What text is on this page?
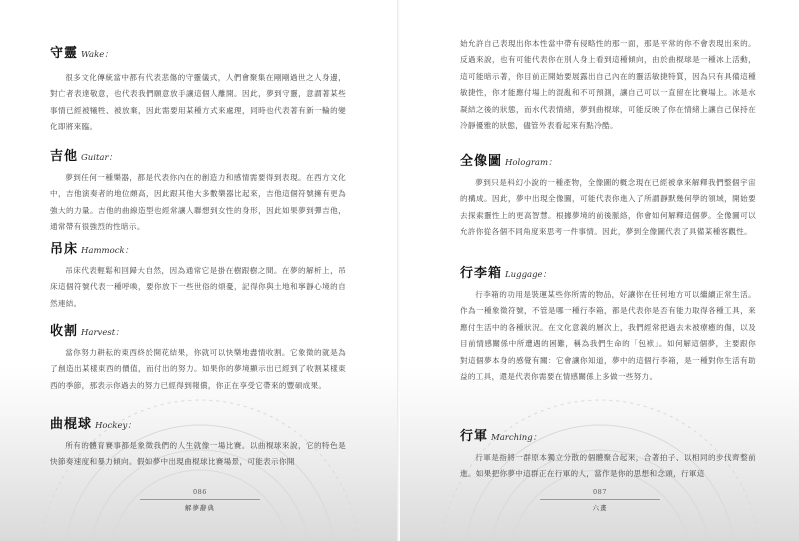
守靈 Wake：

很多文化傳統當中都有代表悲傷的守靈儀式，人們會聚集在剛剛過世之人身邊，對亡者表達敬意，也代表我們願意放手讓這個人離開。因此，夢到守靈，意謂著某些事情已經被犧牲、被放棄，因此需要用某種方式來處理，同時也代表著有新一輪的變化即將來臨。

吉他 Guitar：

夢到任何一種樂器，都是代表你內在的創造力和感情需要得到表現。在西方文化中，吉他演奏者的地位頗高，因此跟其他大多數樂器比起來，吉他這個符號擁有更為強大的力量。吉他的曲線造型也經常讓人聯想到女性的身形，因此如果夢到彈吉他，通常帶有很強烈的性暗示。

吊床 Hammock：

吊床代表輕鬆和回歸大自然，因為通常它是掛在樹跟樹之間。在夢的解析上，吊床這個符號代表一種呼喚，要你放下一些世俗的煩憂，記得你與土地和寧靜心境的自然連結。

收割 Harvest：

當你努力耕耘的東西終於開花結果，你就可以快樂地盡情收割。它象徵的就是為了創造出某樣東西的價值，而付出的努力。如果你的夢境顯示出已經到了收割某樣東西的季節，那表示你過去的努力已經得到報償，你正在享受它帶來的豐碩成果。

曲棍球 Hockey：

所有的體育賽事都是象徵我們的人生就像一場比賽。以曲棍球來說，它的特色是快節奏速度和暴力傾向。假如夢中出現曲棍球比賽場景，可能表示你開

086
解夢辭典

始允許自己表現出你本性當中帶有侵略性的那一面，那是平常的你不會表現出來的。反過來說，也有可能代表你在別人身上看到這種傾向，由於曲棍球是一種冰上活動，這可能暗示著，你目前正開始要展露出自己內在的靈活敏捷特質，因為只有具備這種敏捷性，你才能應付場上的混亂和不可預測，讓自己可以一直留在比賽場上。冰是水凝結之後的狀態，而水代表情緒，夢到曲棍球，可能反映了你在情緒上讓自己保持在冷靜優雅的狀態，儘管外表看起來有點冷酷。

全像圖 Hologram：

夢到只是科幻小說的一種產物，全像圖的概念現在已經被拿來解釋我們整個宇宙的構成。因此，夢中出現全像圖，可能代表你進入了所謂靜默幾何學的領域，開始要去探索靈性上的更高智慧。根據夢境的前後脈絡，你會如何解釋這個夢。全像圖可以允許你從各個不同角度來思考一件事情。因此，夢到全像圖代表了具備某種客觀性。

行李箱 Luggage：

行李箱的功用是裝運某些你所需的物品，好讓你在任何地方可以繼續正常生活。作為一種象徵符號，不管是哪一種行李箱，都是代表你是否有能力取得各種工具，來應付生活中的各種狀況。在文化意義的層次上，我們經常把過去未被療癒的傷，以及目前情感關係中所遭遇的困難，稱為我們生命的「包袱」。如何解這個夢，主要跟你對這個夢本身的感覺有關：它會讓你知道，夢中的這個行李箱，是一種對你生活有助益的工具，還是代表你需要在情感關係上多做一些努力。

行軍 Marching：

行軍是指將一群原本獨立分散的個體聚合起來，合著拍子、以相同的步伐齊整前進。如果把你夢中這群正在行軍的人，當作是你的思想和念頭，行軍這

087
六畫
